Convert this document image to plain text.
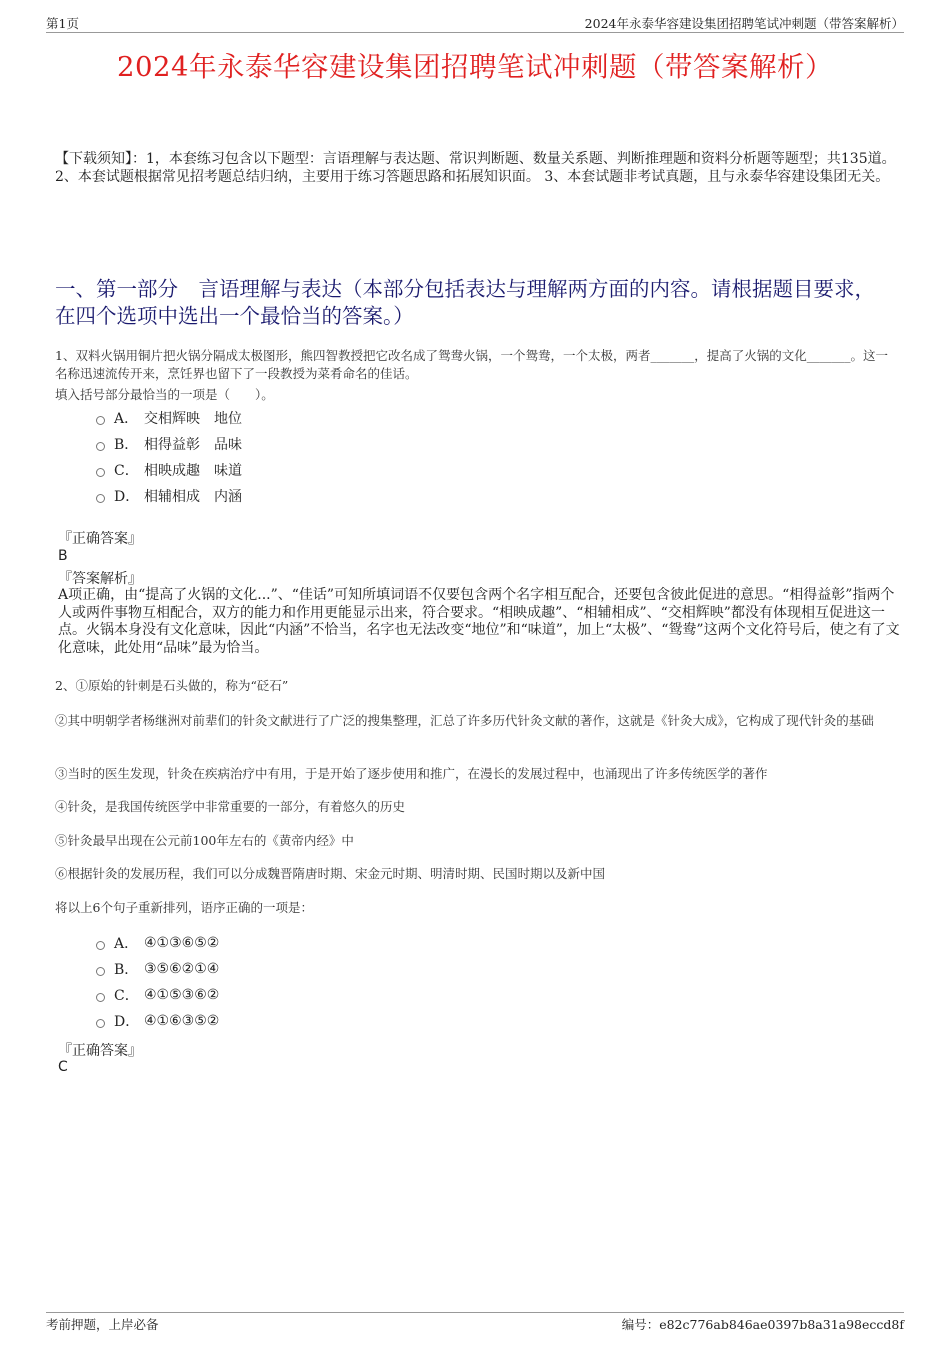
第1页	2024年永泰华容建设集团招聘笔试冲刺题（带答案解析）
2024年永泰华容建设集团招聘笔试冲刺题（带答案解析）
【下载须知】：1，本套练习包含以下题型：言语理解与表达题、常识判断题、数量关系题、判断推理题和资料分析题等题型；共135道。 2、本套试题根据常见招考题总结归纳，主要用于练习答题思路和拓展知识面。 3、本套试题非考试真题，且与永泰华容建设集团无关。
一、第一部分　言语理解与表达（本部分包括表达与理解两方面的内容。请根据题目要求，在四个选项中选出一个最恰当的答案。）
1、双料火锅用铜片把火锅分隔成太极图形，熊四智教授把它改名成了鸳鸯火锅，一个鸳鸯，一个太极，两者_______，提高了火锅的文化_______。这一名称迅速流传开来，烹饪界也留下了一段教授为菜肴命名的佳话。
填入括号部分最恰当的一项是（　　）。
A． 交相辉映　地位
B． 相得益彰　品味
C． 相映成趣　味道
D． 相辅相成　内涵
『正确答案』
B
『答案解析』
A项正确，由“提高了火锅的文化...”、“佳话”可知所填词语不仅要包含两个名字相互配合，还要包含彼此促进的意思。“相得益彰”指两个人或两件事物互相配合，双方的能力和作用更能显示出来，符合要求。“相映成趣”、“相辅相成”、“交相辉映”都没有体现相互促进这一点。火锅本身没有文化意味，因此“内涵”不恰当，名字也无法改变“地位”和“味道”，加上“太极”、“鸳鸯”这两个文化符号后，使之有了文化意味，此处用“品味”最为恰当。
2、①原始的针刺是石头做的，称为“砭石”
②其中明朝学者杨继洲对前辈们的针灸文献进行了广泛的搜集整理，汇总了许多历代针灸文献的著作，这就是《针灸大成》，它构成了现代针灸的基础
③当时的医生发现，针灸在疾病治疗中有用，于是开始了逐步使用和推广，在漫长的发展过程中，也涌现出了许多传统医学的著作
④针灸，是我国传统医学中非常重要的一部分，有着悠久的历史
⑤针灸最早出现在公元前100年左右的《黄帝内经》中
⑥根据针灸的发展历程，我们可以分成魏晋隋唐时期、宋金元时期、明清时期、民国时期以及新中国
将以上6个句子重新排列，语序正确的一项是：
A． ④①③⑥⑤②
B． ③⑤⑥②①④
C． ④①⑤③⑥②
D． ④①⑥③⑤②
『正确答案』
C
考前押题，上岸必备	编号：e82c776ab846ae0397b8a31a98eccd8f
